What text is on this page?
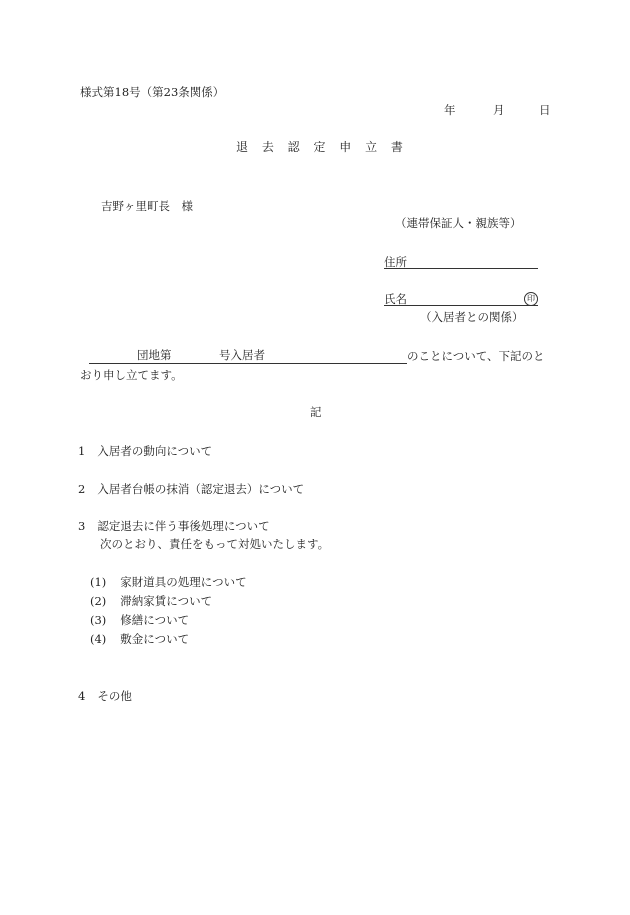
様式第18号（第23条関係）
年	月	日
退 去 認 定 申 立 書
吉野ヶ里町長　様
（連帯保証人・親族等）
住所
氏名	印
（入居者との関係）
団地第	号入居者	のことについて、下記のと
おり申し立てます。
記
1 入居者の動向について
2 入居者台帳の抹消（認定退去）について
3 認定退去に伴う事後処理について
次のとおり、責任をもって対処いたします。
(1) 家財道具の処理について
(2) 滞納家賃について
(3) 修繕について
(4) 敷金について
4 その他
